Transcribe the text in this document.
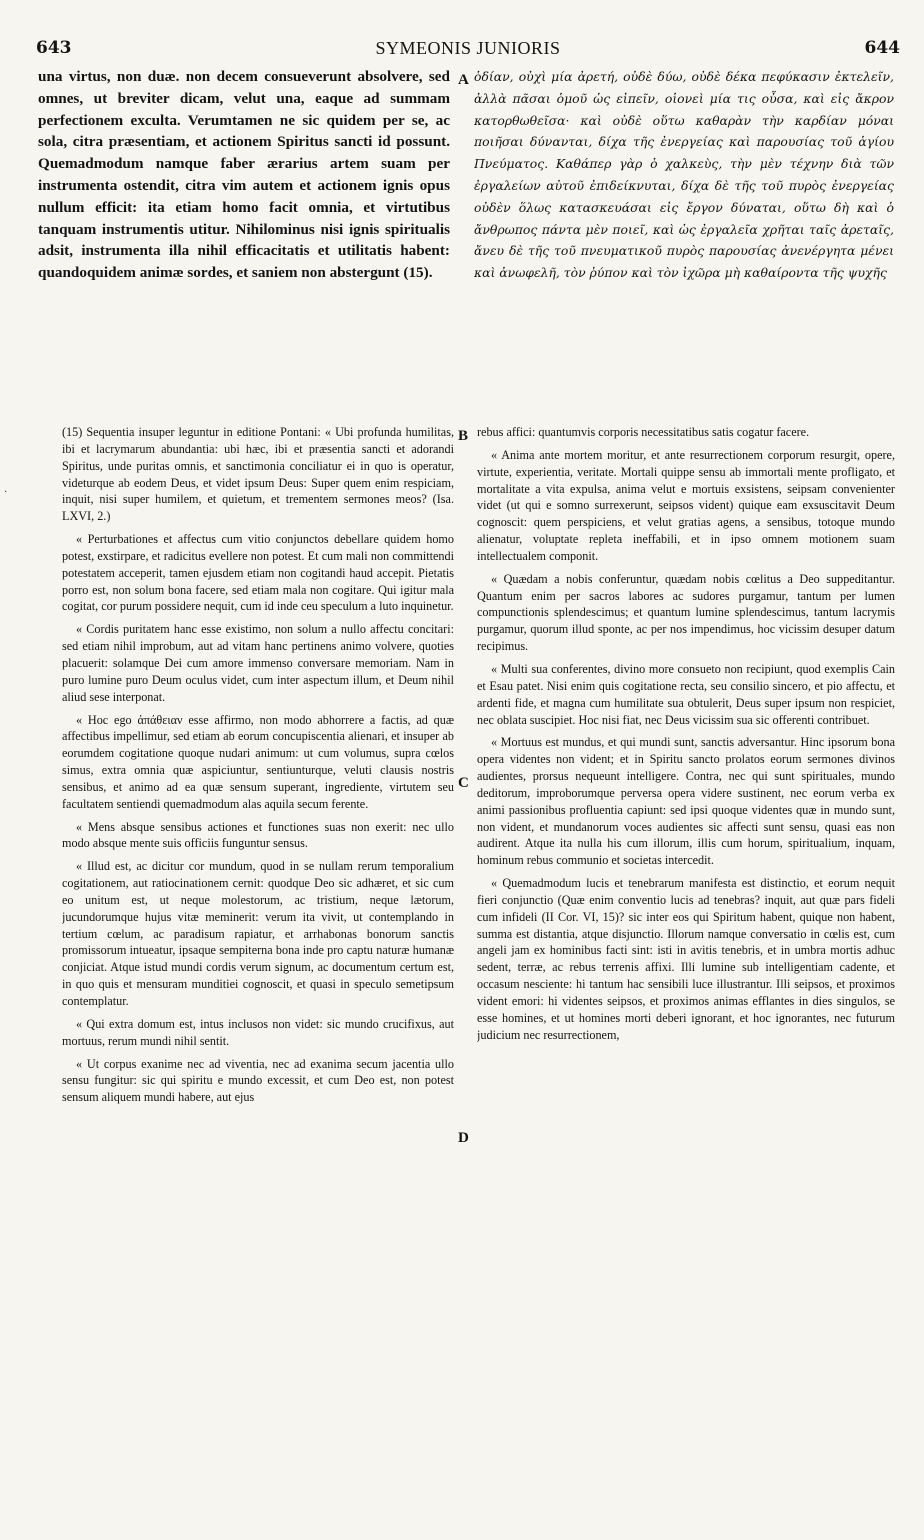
643	SYMEONIS JUNIORIS	644
una virtus, non duæ. non decem consueverunt absolvere, sed omnes, ut breviter dicam, velut una, eaque ad summam perfectionem exculta. Verumtamen ne sic quidem per se, ac sola, citra præsentiam, et actionem Spiritus sancti id possunt. Quemadmodum namque faber ærarius artem suam per instrumenta ostendit, citra vim autem et actionem ignis opus nullum efficit: ita etiam homo facit omnia, et virtutibus tanquam instrumentis utitur. Nihilominus nisi ignis spiritualis adsit, instrumenta illa nihil efficacitatis et utilitatis habent: quandoquidem animæ sordes, et saniem non abstergunt (15).
ὁδίαν, οὐχὶ μία ἀρετή, οὐδὲ δύω, οὐδὲ δέκα πεφύκασιν ἐκτελεῖν, ἀλλὰ πᾶσαι ὁμοῦ ὡς εἰπεῖν, οἱονεὶ μία τις οὖσα, καὶ εἰς ἄκρον κατορθωθεῖσα· καὶ οὐδὲ οὕτω καθαρὰν τὴν καρδίαν μόναι ποιῆσαι δύνανται, δίχα τῆς ἐνεργείας καὶ παρουσίας τοῦ ἁγίου Πνεύματος. Καθάπερ γὰρ ὁ χαλκεὺς, τὴν μὲν τέχνην διὰ τῶν ἐργαλείων αὐτοῦ ἐπιδείκνυται, δίχα δὲ τῆς τοῦ πυρὸς ἐνεργείας οὐδὲν ὅλως κατασκευάσαι εἰς ἔργον δύναται, οὕτω δὴ καὶ ὁ ἄνθρωπος πάντα μὲν ποιεῖ, καὶ ὡς ἐργαλεῖα χρῆται ταῖς ἀρεταῖς, ἄνευ δὲ τῆς τοῦ πνευματικοῦ πυρὸς παρουσίας ἀνενέργητα μένει καὶ ἀνωφελῆ, τὸν ῥύπον καὶ τὸν ἰχῶρα μὴ καθαίροντα τῆς ψυχῆς
A
B
C
D
.

(15) Sequentia insuper leguntur in editione Pontani: « Ubi profunda humilitas, ibi et lacrymarum abundantia: ubi hæc, ibi et præsentia sancti et adorandi Spiritus, unde puritas omnis, et sanctimonia conciliatur ei in quo is operatur, videturque ab eodem Deus, et videt ipsum Deus: Super quem enim respiciam, inquit, nisi super humilem, et quietum, et trementem sermones meos? (Isa. LXVI, 2.)

« Perturbationes et affectus cum vitio conjunctos debellare quidem homo potest, exstirpare, et radicitus evellere non potest. Et cum mali non committendi potestatem acceperit, tamen ejusdem etiam non cogitandi haud accepit. Pietatis porro est, non solum bona facere, sed etiam mala non cogitare. Qui igitur mala cogitat, cor purum possidere nequit, cum id inde ceu speculum a luto inquinetur.

« Cordis puritatem hanc esse existimo, non solum a nullo affectu concitari: sed etiam nihil improbum, aut ad vitam hanc pertinens animo volvere, quoties placuerit: solamque Dei cum amore immenso conversare memoriam. Nam in puro lumine puro Deum oculus videt, cum inter aspectum illum, et Deum nihil aliud sese interponat.

« Hoc ego ἀπάθειαν esse affirmo, non modo abhorrere a factis, ad quæ affectibus impellimur, sed etiam ab eorum concupiscentia alienari, et insuper ab eorumdem cogitatione quoque nudari animum: ut cum volumus, supra cœlos simus, extra omnia quæ aspiciuntur, sentiunturque, veluti clausis nostris sensibus, et animo ad ea quæ sensum superant, ingrediente, virtutem seu facultatem sentiendi quemadmodum alas aquila secum ferente.

« Mens absque sensibus actiones et functiones suas non exerit: nec ullo modo absque mente suis officiis funguntur sensus.

« Illud est, ac dicitur cor mundum, quod in se nullam rerum temporalium cogitationem, aut ratiocinationem cernit: quodque Deo sic adhæret, et sic cum eo unitum est, ut neque molestorum, ac tristium, neque lætorum, jucundorumque hujus vitæ meminerit: verum ita vivit, ut contemplando in tertium cœlum, ac paradisum rapiatur, et arrhabonas bonorum sanctis promissorum intueatur, ipsaque sempiterna bona inde pro captu naturæ humanæ conjiciat. Atque istud mundi cordis verum signum, ac documentum certum est, in quo quis et mensuram munditiei cognoscit, et quasi in speculo semetipsum contemplatur.

« Qui extra domum est, intus inclusos non videt: sic mundo crucifixus, aut mortuus, rerum mundi nihil sentit.

« Ut corpus exanime nec ad viventia, nec ad exanima secum jacentia ullo sensu fungitur: sic qui spiritu e mundo excessit, et cum Deo est, non potest sensum aliquem mundi habere, aut ejus

rebus affici: quantumvis corporis necessitatibus satis cogatur facere.

« Anima ante mortem moritur, et ante resurrectionem corporum resurgit, opere, virtute, experientia, veritate. Mortali quippe sensu ab immortali mente profligato, et mortalitate a vita expulsa, anima velut e mortuis exsistens, seipsam convenienter videt (ut qui e somno surrexerunt, seipsos vident) quique eam exsuscitavit Deum cognoscit: quem perspiciens, et velut gratias agens, a sensibus, totoque mundo alienatur, voluptate repleta ineffabili, et in ipso omnem motionem suam intellectualem componit.

« Quædam a nobis conferuntur, quædam nobis cœlitus a Deo suppeditantur. Quantum enim per sacros labores ac sudores purgamur, tantum per lumen compunctionis splendescimus; et quantum lumine splendescimus, tantum lacrymis purgamur, quorum illud sponte, ac per nos impendimus, hoc vicissim desuper datum recipimus.

« Multi sua conferentes, divino more consueto non recipiunt, quod exemplis Cain et Esau patet. Nisi enim quis cogitatione recta, seu consilio sincero, et pio affectu, et ardenti fide, et magna cum humilitate sua obtulerit, Deus super ipsum non respiciet, nec oblata suscipiet. Hoc nisi fiat, nec Deus vicissim sua sic offerenti contribuet.

« Mortuus est mundus, et qui mundi sunt, sanctis adversantur. Hinc ipsorum bona opera videntes non vident; et in Spiritu sancto prolatos eorum sermones divinos audientes, prorsus nequeunt intelligere. Contra, nec qui sunt spirituales, mundo deditorum, improborumque perversa opera videre sustinent, nec eorum verba ex animi passionibus profluentia capiunt: sed ipsi quoque videntes quæ in mundo sunt, non vident, et mundanorum voces audientes sic affecti sunt sensu, quasi eas non audirent. Atque ita nulla his cum illorum, illis cum horum, spiritualium, inquam, hominum rebus communio et societas intercedit.

« Quemadmodum lucis et tenebrarum manifesta est distinctio, et eorum nequit fieri conjunctio (Quæ enim conventio lucis ad tenebras? inquit, aut quæ pars fideli cum infideli (II Cor. VI, 15)? sic inter eos qui Spiritum habent, quique non habent, summa est distantia, atque disjunctio. Illorum namque conversatio in cœlis est, cum angeli jam ex hominibus facti sint: isti in avitis tenebris, et in umbra mortis adhuc sedent, terræ, ac rebus terrenis affixi. Illi lumine sub intelligentiam cadente, et occasum nesciente: hi tantum hac sensibili luce illustrantur. Illi seipsos, et proximos vident emori: hi videntes seipsos, et proximos animas efflantes in dies singulos, se esse homines, et ut homines morti deberi ignorant, et hoc ignorantes, nec futurum judicium nec resurrectionem,
